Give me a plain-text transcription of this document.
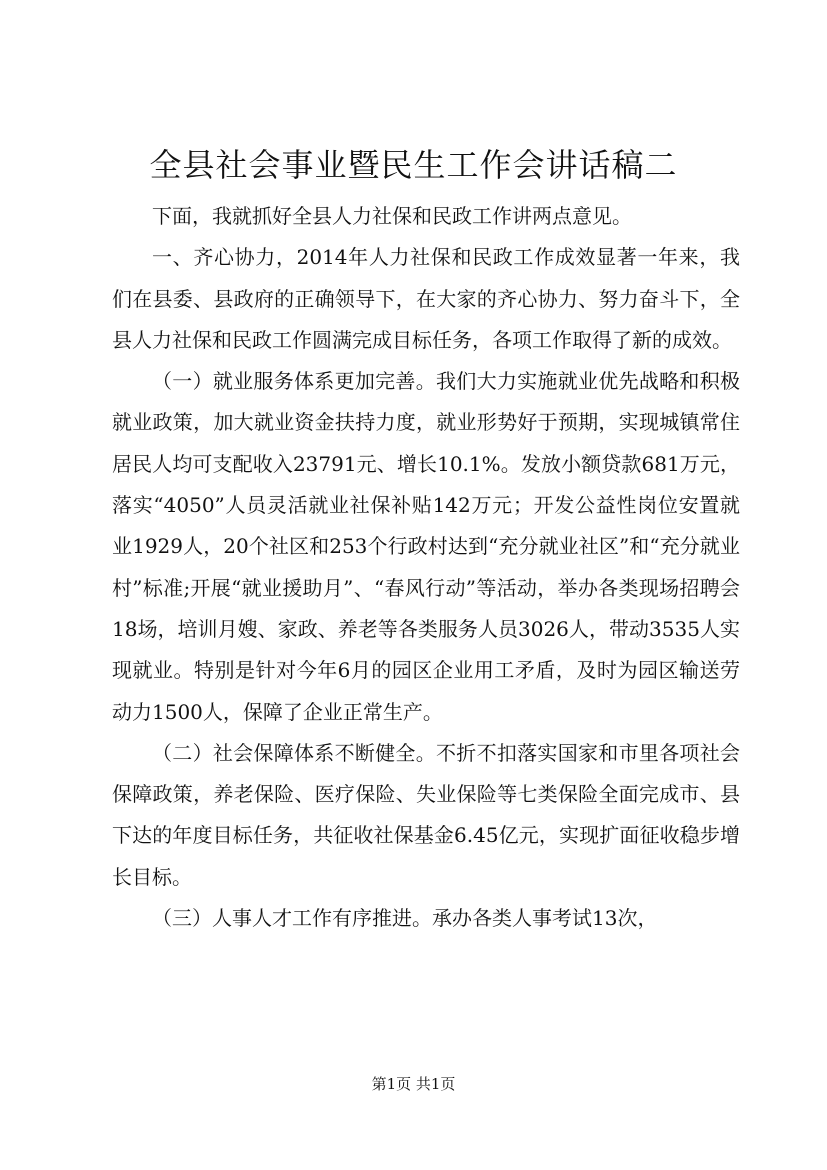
全县社会事业暨民生工作会讲话稿二

下面，我就抓好全县人力社保和民政工作讲两点意见。

一、齐心协力，2014年人力社保和民政工作成效显著一年来，我们在县委、县政府的正确领导下，在大家的齐心协力、努力奋斗下，全县人力社保和民政工作圆满完成目标任务，各项工作取得了新的成效。

（一）就业服务体系更加完善。我们大力实施就业优先战略和积极就业政策，加大就业资金扶持力度，就业形势好于预期，实现城镇常住居民人均可支配收入23791元、增长10.1%。发放小额贷款681万元，落实“4050”人员灵活就业社保补贴142万元；开发公益性岗位安置就业1929人，20个社区和253个行政村达到“充分就业社区”和“充分就业村”标准;开展“就业援助月”、“春风行动”等活动，举办各类现场招聘会18场，培训月嫂、家政、养老等各类服务人员3026人，带动3535人实现就业。特别是针对今年6月的园区企业用工矛盾，及时为园区输送劳动力1500人，保障了企业正常生产。

（二）社会保障体系不断健全。不折不扣落实国家和市里各项社会保障政策，养老保险、医疗保险、失业保险等七类保险全面完成市、县下达的年度目标任务，共征收社保基金6.45亿元，实现扩面征收稳步增长目标。

（三）人事人才工作有序推进。承办各类人事考试13次，

第1页 共1页
